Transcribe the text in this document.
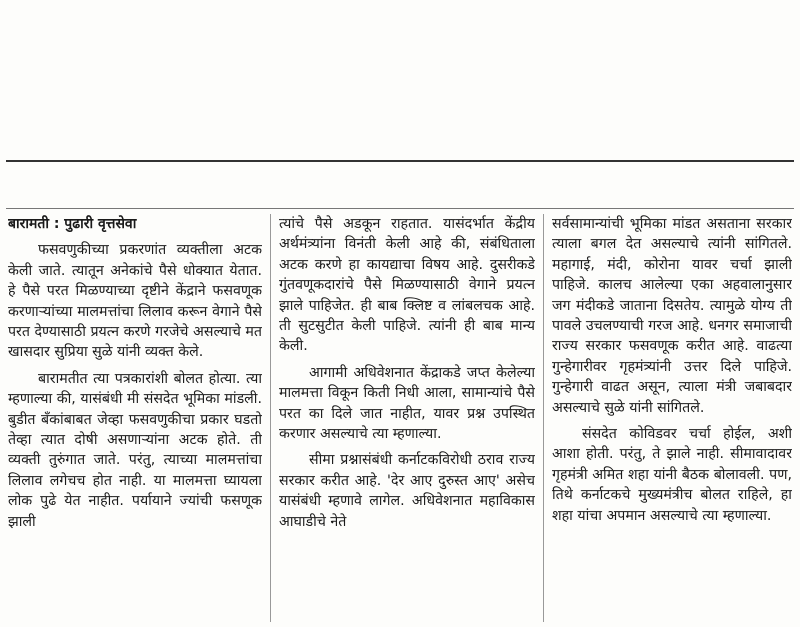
बारामती : पुढारी वृत्तसेवा

फसवणुकीच्या प्रकरणांत व्यक्तीला अटक केली जाते. त्यातून अनेकांचे पैसे धोक्यात येतात. हे पैसे परत मिळण्याच्या दृष्टीने केंद्राने फसवणूक करणाऱ्यांच्या मालमत्तांचा लिलाव करून वेगाने पैसे परत देण्यासाठी प्रयत्न करणे गरजेचे असल्याचे मत खासदार सुप्रिया सुळे यांनी व्यक्त केले.

बारामतीत त्या पत्रकारांशी बोलत होत्या. त्या म्हणाल्या की, यासंबंधी मी संसदेत भूमिका मांडली. बुडीत बँकांबाबत जेव्हा फसवणुकीचा प्रकार घडतो तेव्हा त्यात दोषी असणाऱ्यांना अटक होते. ती व्यक्ती तुरुंगात जाते. परंतु, त्याच्या मालमत्तांचा लिलाव लगेचच होत नाही. या मालमत्ता घ्यायला लोक पुढे येत नाहीत. पर्यायाने ज्यांची फसणूक झाली

त्यांचे पैसे अडकून राहतात. यासंदर्भात केंद्रीय अर्थमंत्र्यांना विनंती केली आहे की, संबंधिताला अटक करणे हा कायद्याचा विषय आहे. दुसरीकडे गुंतवणूकदारांचे पैसे मिळण्यासाठी वेगाने प्रयत्न झाले पाहिजेत. ही बाब क्लिष्ट व लांबलचक आहे. ती सुटसुटीत केली पाहिजे. त्यांनी ही बाब मान्य केली.

आगामी अधिवेशनात केंद्राकडे जप्त केलेल्या मालमत्ता विकून किती निधी आला, सामान्यांचे पैसे परत का दिले जात नाहीत, यावर प्रश्न उपस्थित करणार असल्याचे त्या म्हणाल्या.

सीमा प्रश्नासंबंधी कर्नाटकविरोधी ठराव राज्य सरकार करीत आहे. 'देर आए दुरुस्त आए' असेच यासंबंधी म्हणावे लागेल. अधिवेशनात महाविकास आघाडीचे नेते

सर्वसामान्यांची भूमिका मांडत असताना सरकार त्याला बगल देत असल्याचे त्यांनी सांगितले. महागाई, मंदी, कोरोना यावर चर्चा झाली पाहिजे. कालच आलेल्या एका अहवालानुसार जग मंदीकडे जाताना दिसतेय. त्यामुळे योग्य ती पावले उचलण्याची गरज आहे. धनगर समाजाची राज्य सरकार फसवणूक करीत आहे. वाढत्या गुन्हेगारीवर गृहमंत्र्यांनी उत्तर दिले पाहिजे. गुन्हेगारी वाढत असून, त्याला मंत्री जबाबदार असल्याचे सुळे यांनी सांगितले.

संसदेत कोविडवर चर्चा होईल, अशी आशा होती. परंतु, ते झाले नाही. सीमावादावर गृहमंत्री अमित शहा यांनी बैठक बोलावली. पण, तिथे कर्नाटकचे मुख्यमंत्रीच बोलत राहिले, हा शहा यांचा अपमान असल्याचे त्या म्हणाल्या.
